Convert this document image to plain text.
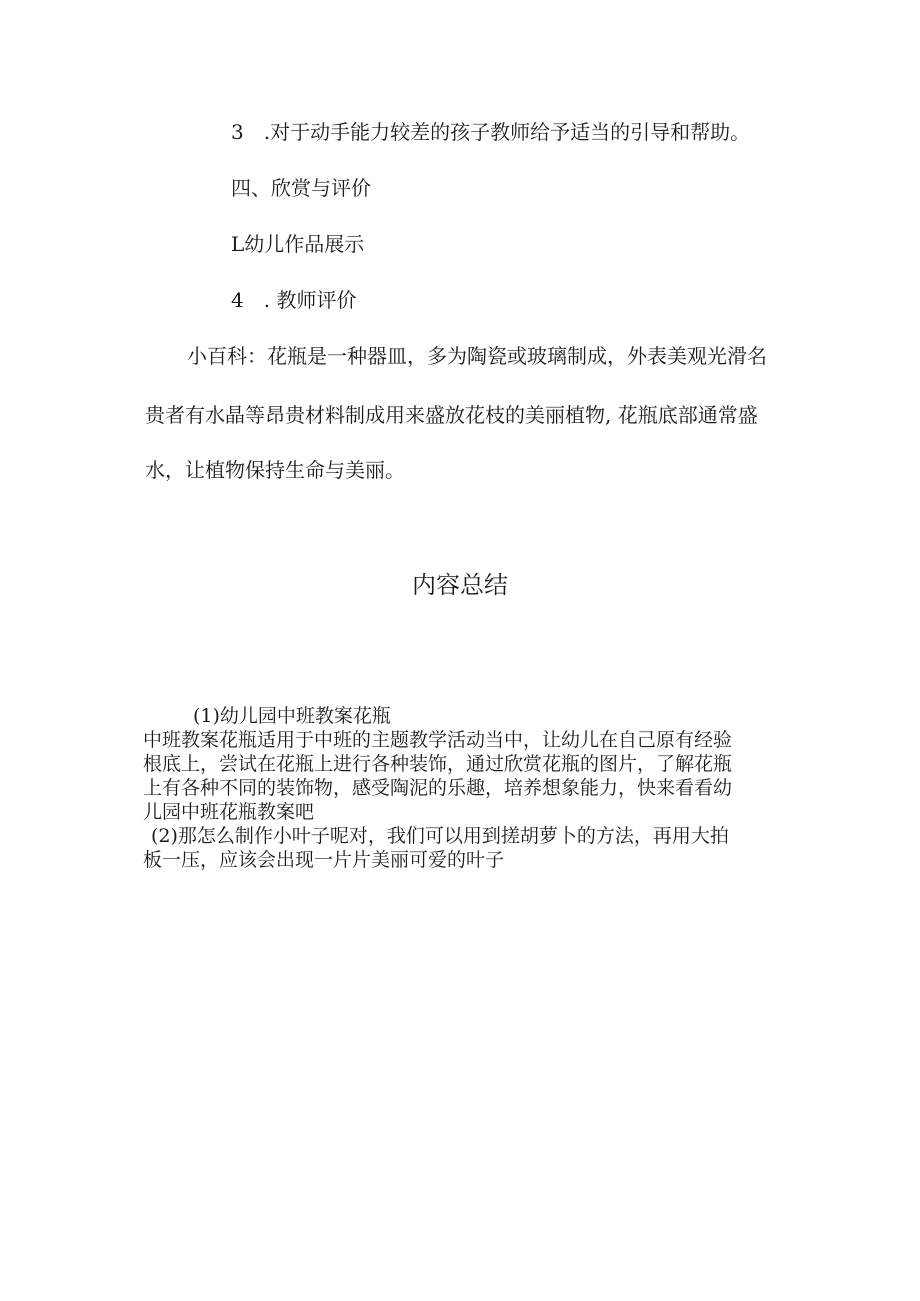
3 .对于动手能力较差的孩子教师给予适当的引导和帮助。
四、欣赏与评价
L幼儿作品展示
4 . 教师评价
小百科：花瓶是一种器皿，多为陶瓷或玻璃制成，外表美观光滑名
贵者有水晶等昂贵材料制成用来盛放花枝的美丽植物, 花瓶底部通常盛
水，让植物保持生命与美丽。
内容总结

(1)幼儿园中班教案花瓶

中班教案花瓶适用于中班的主题教学活动当中，让幼儿在自己原有经验

根底上，尝试在花瓶上进行各种装饰，通过欣赏花瓶的图片，了解花瓶

上有各种不同的装饰物，感受陶泥的乐趣，培养想象能力，快来看看幼

儿园中班花瓶教案吧

(2)那怎么制作小叶子呢对，我们可以用到搓胡萝卜的方法，再用大拍

板一压，应该会出现一片片美丽可爱的叶子
